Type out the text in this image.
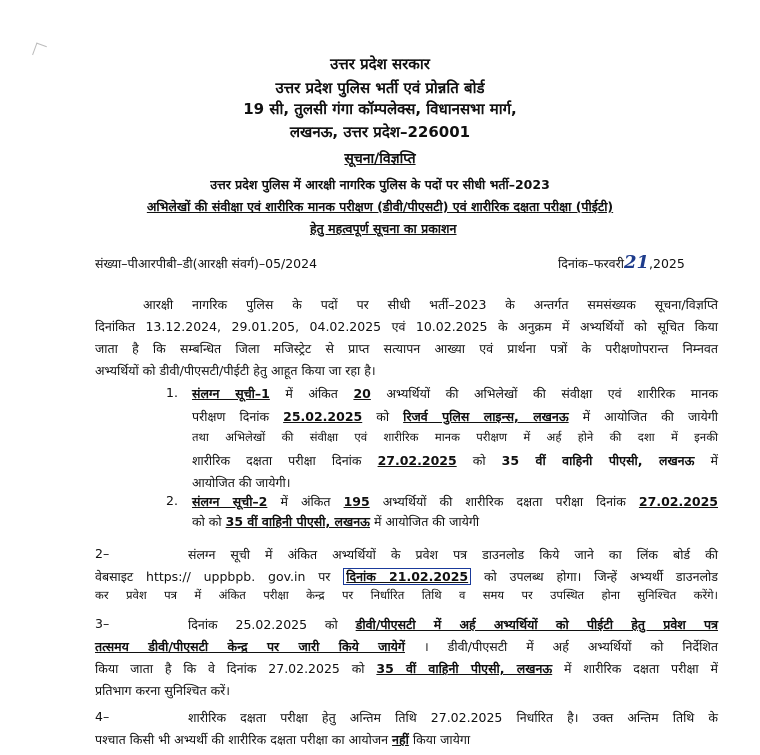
उत्तर प्रदेश सरकार
उत्तर प्रदेश पुलिस भर्ती एवं प्रोन्नति बोर्ड
19 सी, तुलसी गंगा कॉम्पलेक्स, विधानसभा मार्ग,
लखनऊ, उत्तर प्रदेश–226001
सूचना/विज्ञप्ति
उत्तर प्रदेश पुलिस में आरक्षी नागरिक पुलिस के पदों पर सीधी भर्ती–2023
अभिलेखों की संवीक्षा एवं शारीरिक मानक परीक्षण (डीवी/पीएसटी) एवं शारीरिक दक्षता परीक्षा (पीईटी)
हेतु महत्वपूर्ण सूचना का प्रकाशन
संख्या–पीआरपीबी–डी(आरक्षी संवर्ग)–05/2024	दिनांक–फरवरी21,2025
आरक्षी नागरिक पुलिस के पदों पर सीधी भर्ती–2023 के अन्तर्गत समसंख्यक सूचना/विज्ञप्ति
दिनांकित 13.12.2024, 29.01.205, 04.02.2025 एवं 10.02.2025 के अनुक्रम में अभ्यर्थियों को सूचित किया
जाता है कि सम्बन्धित जिला मजिस्ट्रेट से प्राप्त सत्यापन आख्या एवं प्रार्थना पत्रों के परीक्षणोपरान्त निम्नवत
अभ्यर्थियों को डीवी/पीएसटी/पीईटी हेतु आहूत किया जा रहा है।
1. संलग्न सूची–1 में अंकित 20 अभ्यर्थियों की अभिलेखों की संवीक्षा एवं शारीरिक मानक
परीक्षण दिनांक 25.02.2025 को रिजर्व पुलिस लाइन्स, लखनऊ में आयोजित की जायेगी
तथा अभिलेखों की संवीक्षा एवं शारीरिक मानक परीक्षण में अर्ह होने की दशा में इनकी
शारीरिक दक्षता परीक्षा दिनांक 27.02.2025 को 35 वीं वाहिनी पीएसी, लखनऊ में
आयोजित की जायेगी।
2. संलग्न सूची–2 में अंकित 195 अभ्यर्थियों की शारीरिक दक्षता परीक्षा दिनांक 27.02.2025
को को 35 वीं वाहिनी पीएसी, लखनऊ में आयोजित की जायेगी
2–	संलग्न सूची में अंकित अभ्यर्थियों के प्रवेश पत्र डाउनलोड किये जाने का लिंक बोर्ड की
वेबसाइट https:// uppbpb. gov.in पर दिनांक 21.02.2025 को उपलब्ध होगा। जिन्हें अभ्यर्थी डाउनलोड
कर प्रवेश पत्र में अंकित परीक्षा केन्द्र पर निर्धारित तिथि व समय पर उपस्थित होना सुनिश्चित करेंगे।
3–	दिनांक 25.02.2025 को डीवी/पीएसटी में अर्ह अभ्यर्थियों को पीईटी हेतु प्रवेश पत्र
तत्समय डीवी/पीएसटी केन्द्र पर जारी किये जायेगें । डीवी/पीएसटी में अर्ह अभ्यर्थियों को निर्देशित
किया जाता है कि वे दिनांक 27.02.2025 को 35 वीं वाहिनी पीएसी, लखनऊ में शारीरिक दक्षता परीक्षा में
प्रतिभाग करना सुनिश्चित करें।
4–	शारीरिक दक्षता परीक्षा हेतु अन्तिम तिथि 27.02.2025 निर्धारित है। उक्त अन्तिम तिथि के
पश्चात किसी भी अभ्यर्थी की शारीरिक दक्षता परीक्षा का आयोजन नहीं किया जायेगा
